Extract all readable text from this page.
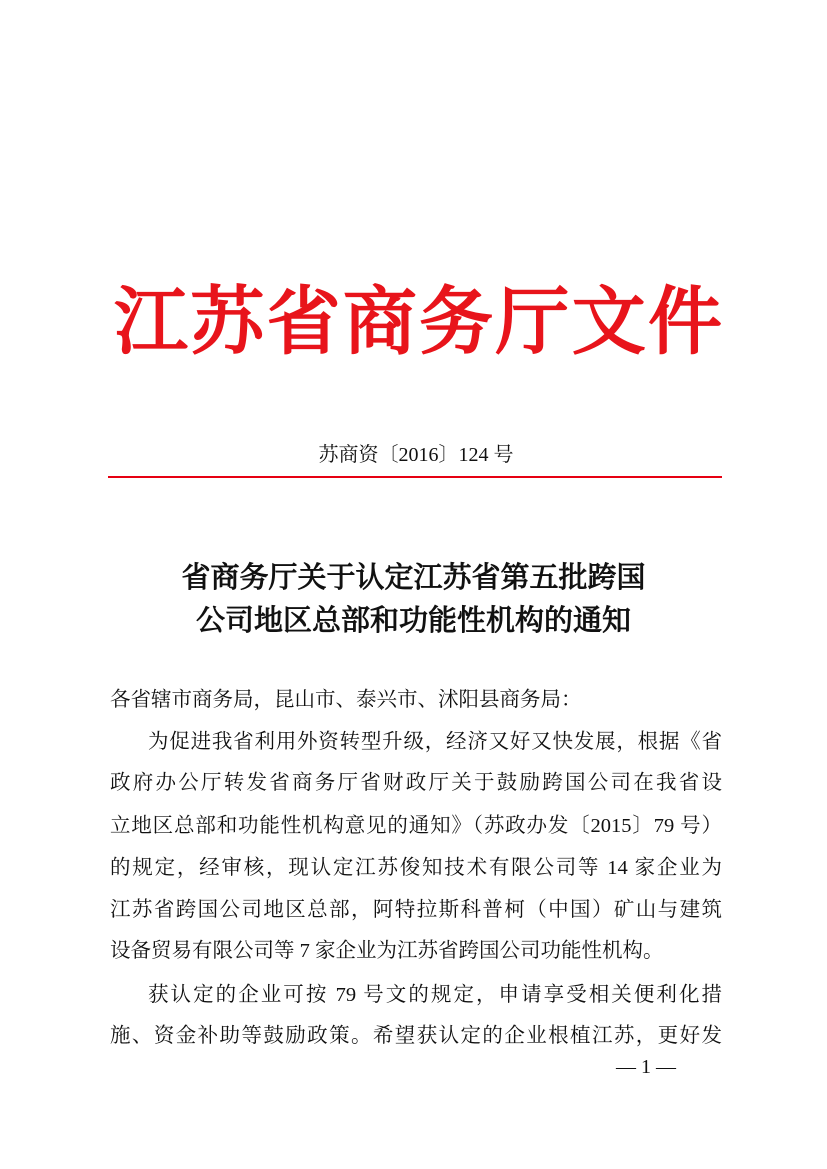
江苏省商务厅文件
苏商资〔2016〕124 号
省商务厅关于认定江苏省第五批跨国
公司地区总部和功能性机构的通知
各省辖市商务局，昆山市、泰兴市、沭阳县商务局：
为促进我省利用外资转型升级，经济又好又快发展，根据《省
政府办公厅转发省商务厅省财政厅关于鼓励跨国公司在我省设
立地区总部和功能性机构意见的通知》（苏政办发〔2015〕79 号）
的规定，经审核，现认定江苏俊知技术有限公司等 14 家企业为
江苏省跨国公司地区总部，阿特拉斯科普柯（中国）矿山与建筑
设备贸易有限公司等 7 家企业为江苏省跨国公司功能性机构。
获认定的企业可按 79 号文的规定，申请享受相关便利化措
施、资金补助等鼓励政策。希望获认定的企业根植江苏，更好发
— 1 —
